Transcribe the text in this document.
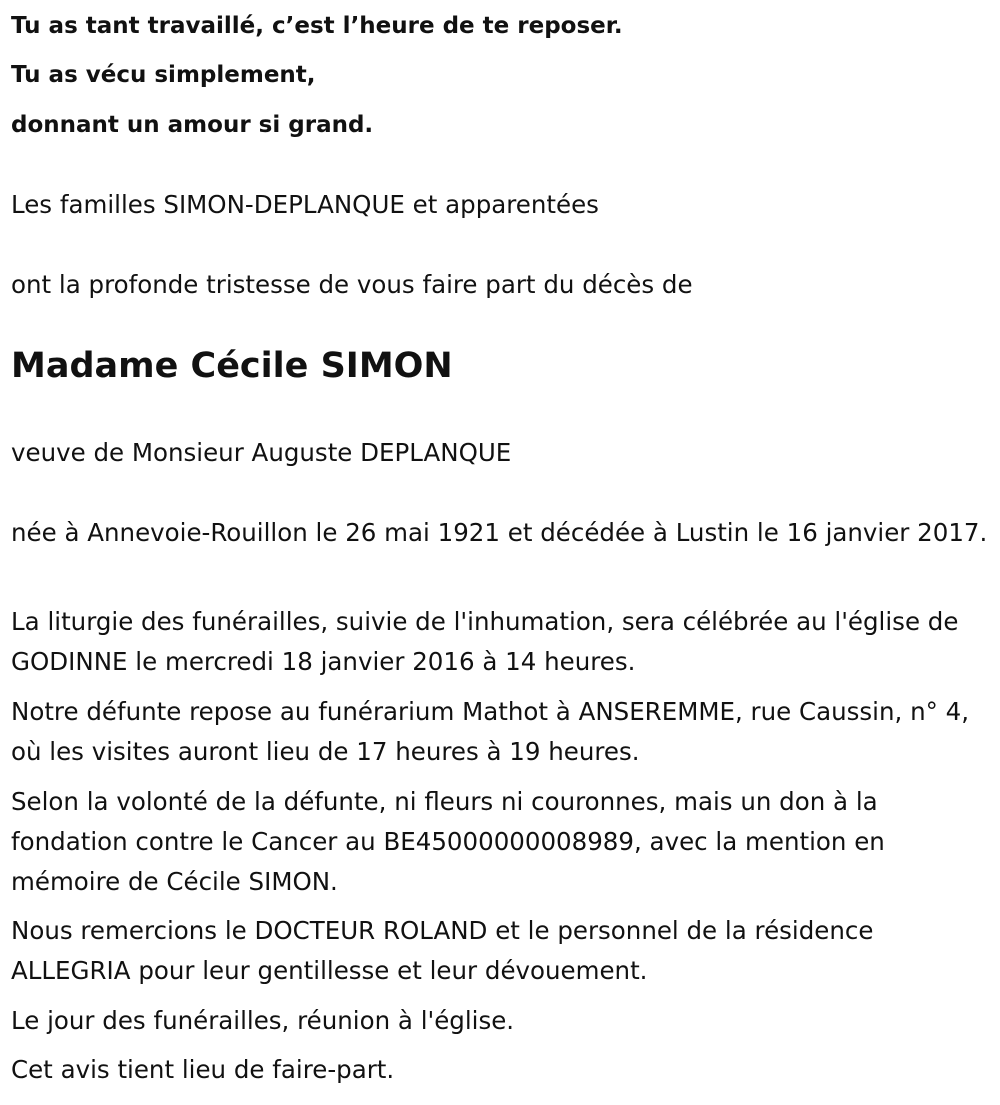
Tu as tant travaillé, c’est l’heure de te reposer.
Tu as vécu simplement,
donnant un amour si grand.
Les familles SIMON-DEPLANQUE et apparentées
ont la profonde tristesse de vous faire part du décès de
Madame Cécile SIMON
veuve de Monsieur Auguste DEPLANQUE
née à Annevoie-Rouillon le 26 mai 1921 et décédée à Lustin le 16 janvier 2017.
La liturgie des funérailles, suivie de l'inhumation, sera célébrée au l'église de GODINNE le mercredi 18 janvier 2016 à 14 heures.
Notre défunte repose au funérarium Mathot à ANSEREMME, rue Caussin, n° 4, où les visites auront lieu de 17 heures à 19 heures.
Selon la volonté de la défunte, ni fleurs ni couronnes, mais un don à la fondation contre le Cancer au BE45000000008989, avec la mention en mémoire de Cécile SIMON.
Nous remercions le DOCTEUR ROLAND et le personnel de la résidence ALLEGRIA pour leur gentillesse et leur dévouement.
Le jour des funérailles, réunion à l'église.
Cet avis tient lieu de faire-part.
